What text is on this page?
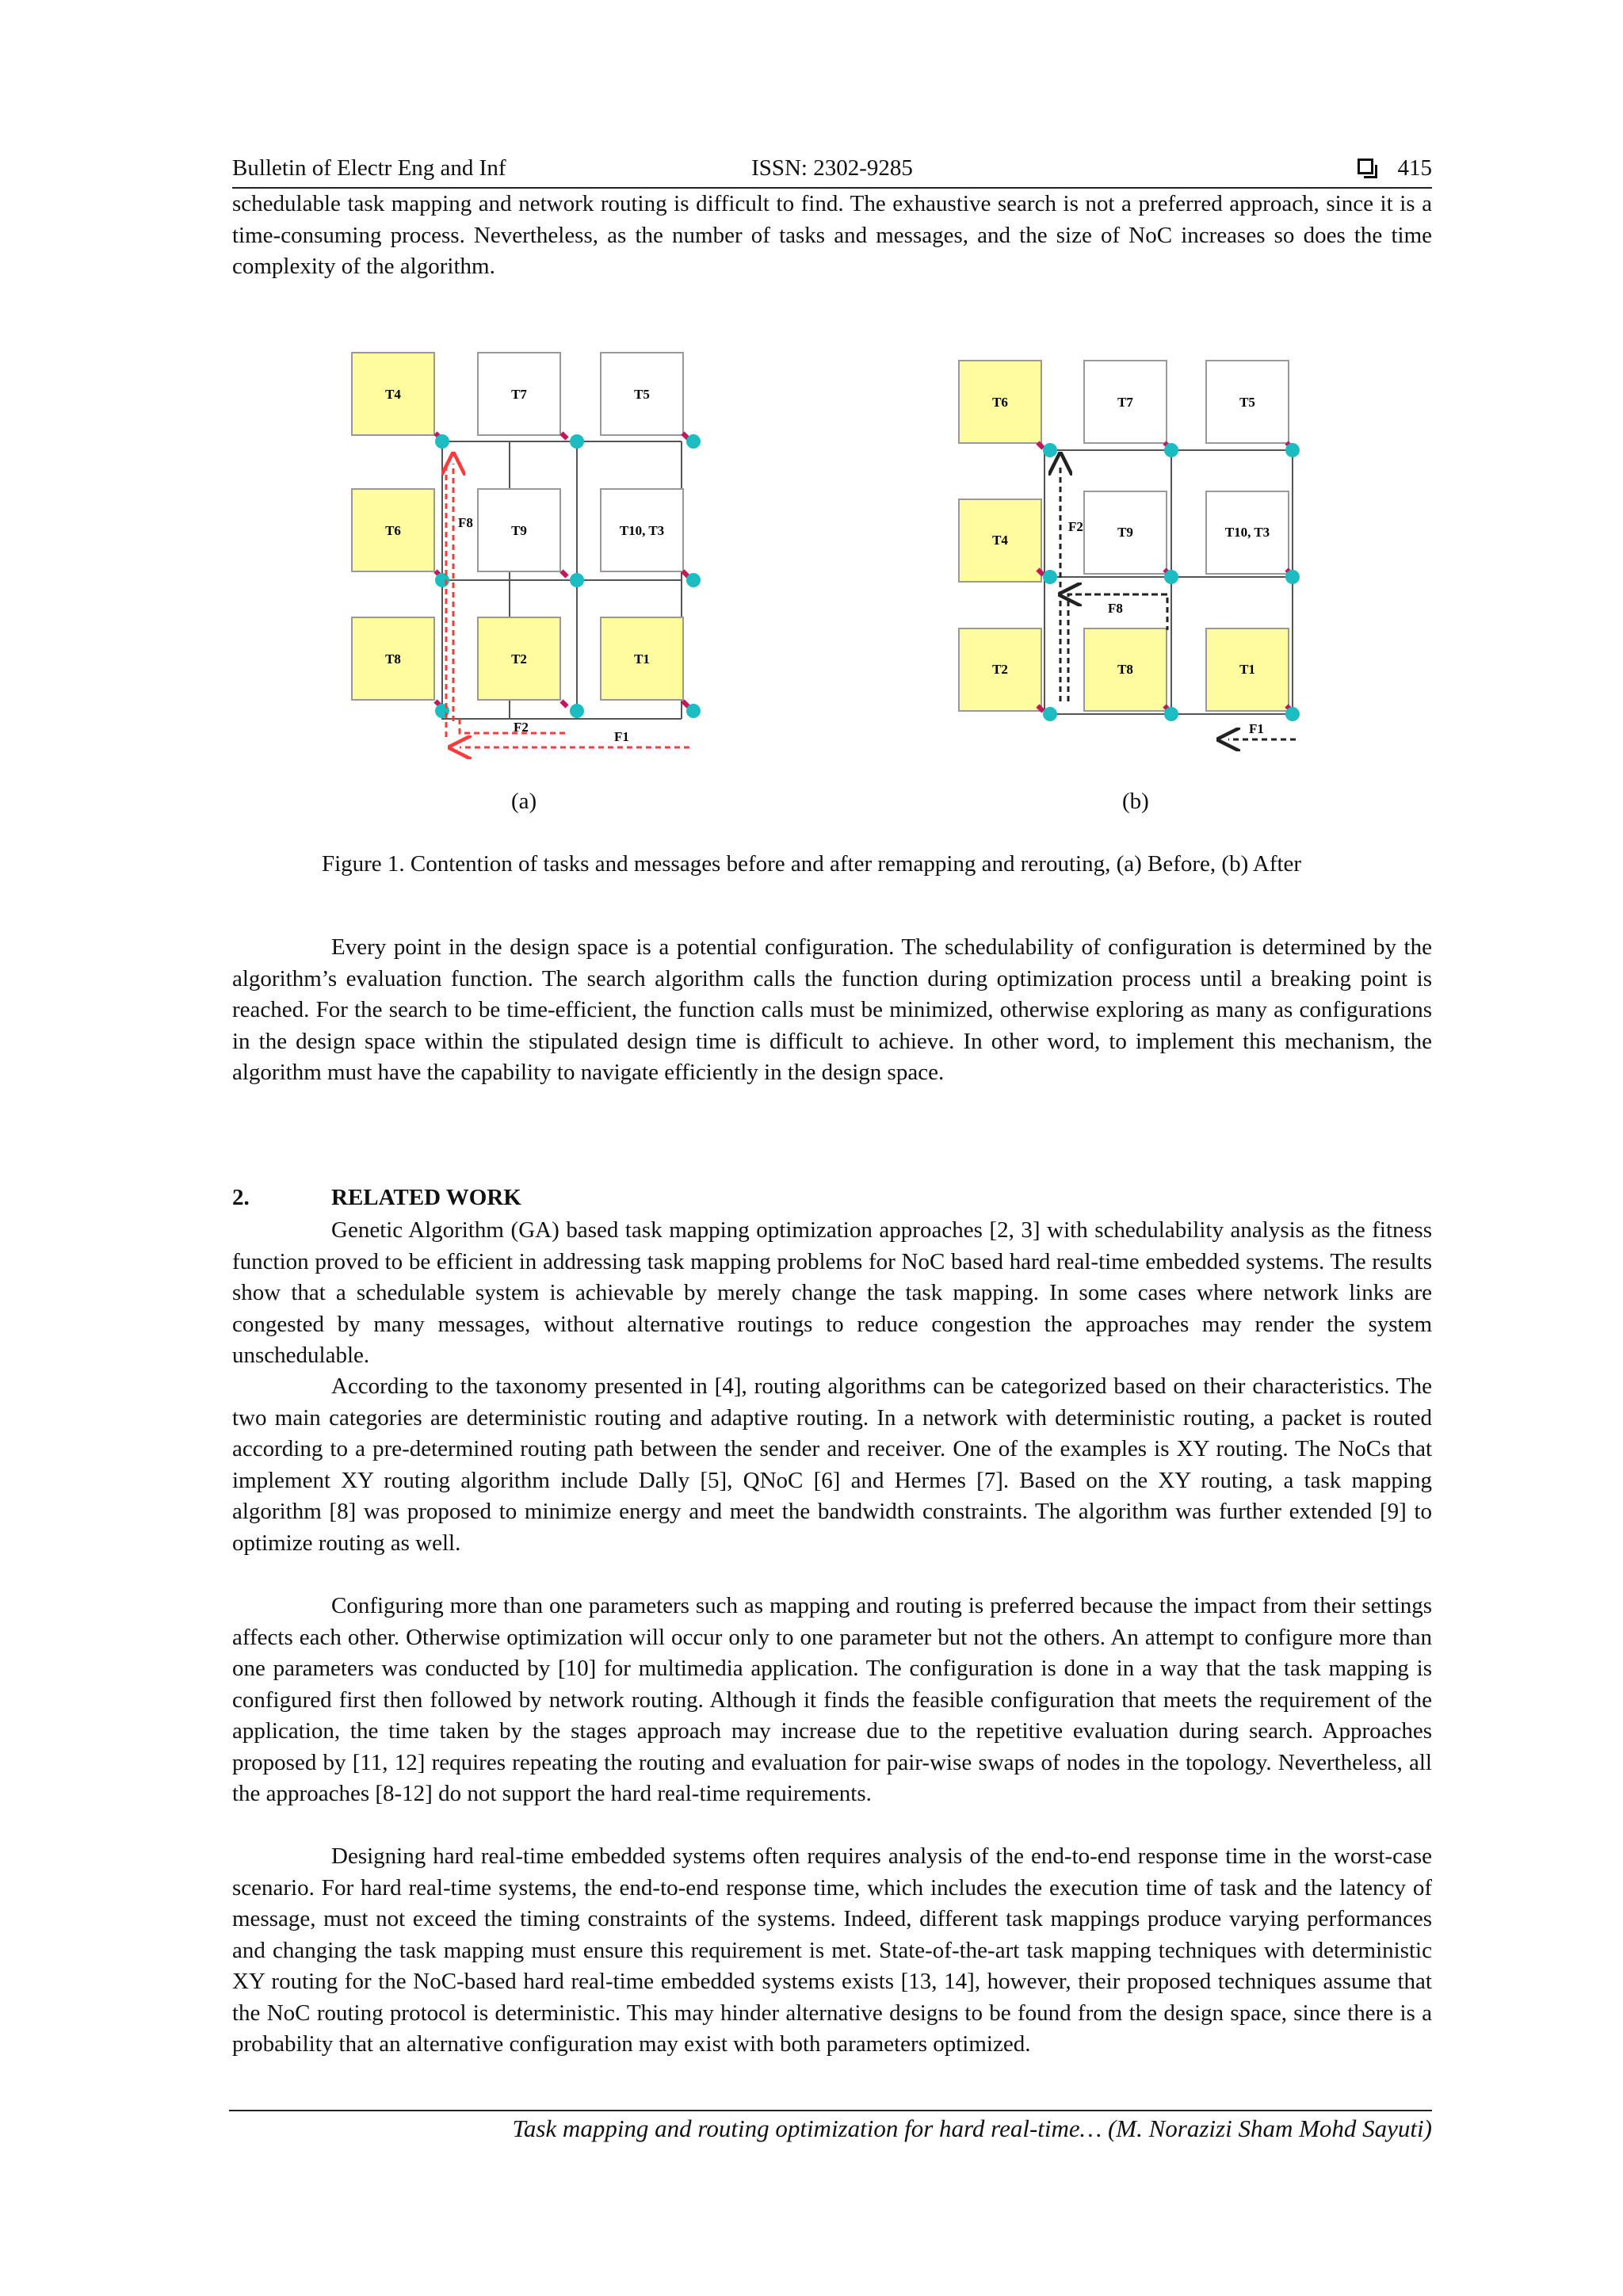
Bulletin of Electr Eng and Inf	ISSN: 2302-9285	415
schedulable task mapping and network routing is difficult to find. The exhaustive search is not a preferred approach, since it is a time-consuming process. Nevertheless, as the number of tasks and messages, and the size of NoC increases so does the time complexity of the algorithm.
T4	T7	T5
T6	T9	T10, T3
T8	T2	T1
F8
F2
F1
T6	T7	T5
T4
T9	T10, T3
T2	T8	T1
F2
F8
F1
(a)	(b)
Figure 1. Contention of tasks and messages before and after remapping and rerouting, (a) Before, (b) After
Every point in the design space is a potential configuration. The schedulability of configuration is determined by the algorithm’s evaluation function. The search algorithm calls the function during optimization process until a breaking point is reached. For the search to be time-efficient, the function calls must be minimized, otherwise exploring as many as configurations in the design space within the stipulated design time is difficult to achieve. In other word, to implement this mechanism, the algorithm must have the capability to navigate efficiently in the design space.
2.	RELATED WORK
Genetic Algorithm (GA) based task mapping optimization approaches [2, 3] with schedulability analysis as the fitness function proved to be efficient in addressing task mapping problems for NoC based hard real-time embedded systems. The results show that a schedulable system is achievable by merely change the task mapping. In some cases where network links are congested by many messages, without alternative routings to reduce congestion the approaches may render the system unschedulable.
According to the taxonomy presented in [4], routing algorithms can be categorized based on their characteristics. The two main categories are deterministic routing and adaptive routing. In a network with deterministic routing, a packet is routed according to a pre-determined routing path between the sender and receiver. One of the examples is XY routing. The NoCs that implement XY routing algorithm include Dally [5], QNoC [6] and Hermes [7]. Based on the XY routing, a task mapping algorithm [8] was proposed to minimize energy and meet the bandwidth constraints. The algorithm was further extended [9] to optimize routing as well.
Configuring more than one parameters such as mapping and routing is preferred because the impact from their settings affects each other. Otherwise optimization will occur only to one parameter but not the others. An attempt to configure more than one parameters was conducted by [10] for multimedia application. The configuration is done in a way that the task mapping is configured first then followed by network routing. Although it finds the feasible configuration that meets the requirement of the application, the time taken by the stages approach may increase due to the repetitive evaluation during search. Approaches proposed by [11, 12] requires repeating the routing and evaluation for pair-wise swaps of nodes in the topology. Nevertheless, all the approaches [8-12] do not support the hard real-time requirements.
Designing hard real-time embedded systems often requires analysis of the end-to-end response time in the worst-case scenario. For hard real-time systems, the end-to-end response time, which includes the execution time of task and the latency of message, must not exceed the timing constraints of the systems. Indeed, different task mappings produce varying performances and changing the task mapping must ensure this requirement is met. State-of-the-art task mapping techniques with deterministic XY routing for the NoC-based hard real-time embedded systems exists [13, 14], however, their proposed techniques assume that the NoC routing protocol is deterministic. This may hinder alternative designs to be found from the design space, since there is a probability that an alternative configuration may exist with both parameters optimized.
Task mapping and routing optimization for hard real-time… (M. Norazizi Sham Mohd Sayuti)
